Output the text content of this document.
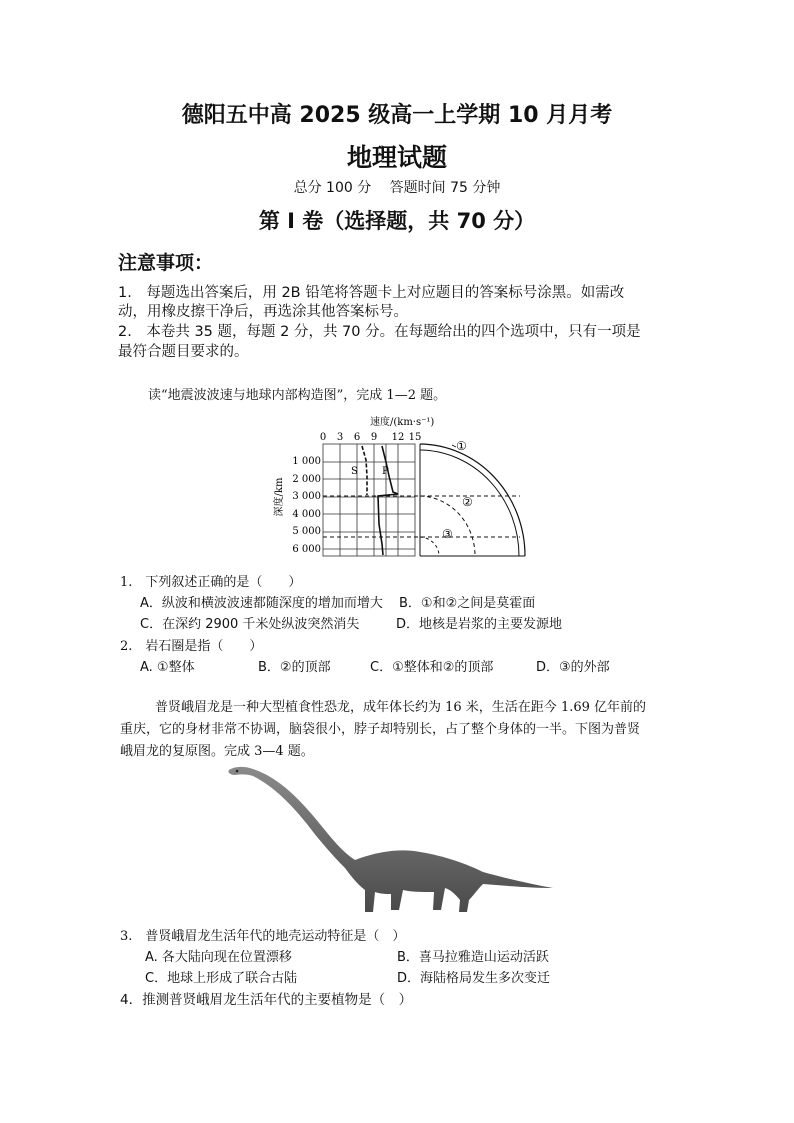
德阳五中高 2025 级高一上学期 10 月月考
地理试题
总分 100 分　 答题时间 75 分钟
第 I 卷（选择题，共 70 分）
注意事项：
1.　每题选出答案后，用 2B 铅笔将答题卡上对应题目的答案标号涂黑。如需改
动，用橡皮擦干净后，再选涂其他答案标号。
2.　本卷共 35 题，每题 2 分，共 70 分。在每题给出的四个选项中，只有一项是
最符合题目要求的。
读“地震波波速与地球内部构造图”，完成 1—2 题。
速度/(km·s⁻¹)
0 3 6 9 12 15
1 000
2 000
3 000
4 000
5 000
6 000
深度/km
S P
①
②
③
1.　下列叙述正确的是（　　）
A．纵波和横波波速都随深度的增加而增大 B．①和②之间是莫霍面
C．在深约 2900 千米处纵波突然消失	D．地核是岩浆的主要发源地
2.　岩石圈是指（　　）
A. ①整体	B．②的顶部	C．①整体和②的顶部	D．③的外部
普贤峨眉龙是一种大型植食性恐龙，成年体长约为 16 米，生活在距今 1.69 亿年前的
重庆，它的身材非常不协调，脑袋很小，脖子却特别长，占了整个身体的一半。下图为普贤
峨眉龙的复原图。完成 3—4 题。
3.　普贤峨眉龙生活年代的地壳运动特征是（　）
A. 各大陆向现在位置漂移	B．喜马拉雅造山运动活跃
C．地球上形成了联合古陆	D．海陆格局发生多次变迁
4．推测普贤峨眉龙生活年代的主要植物是（　）
